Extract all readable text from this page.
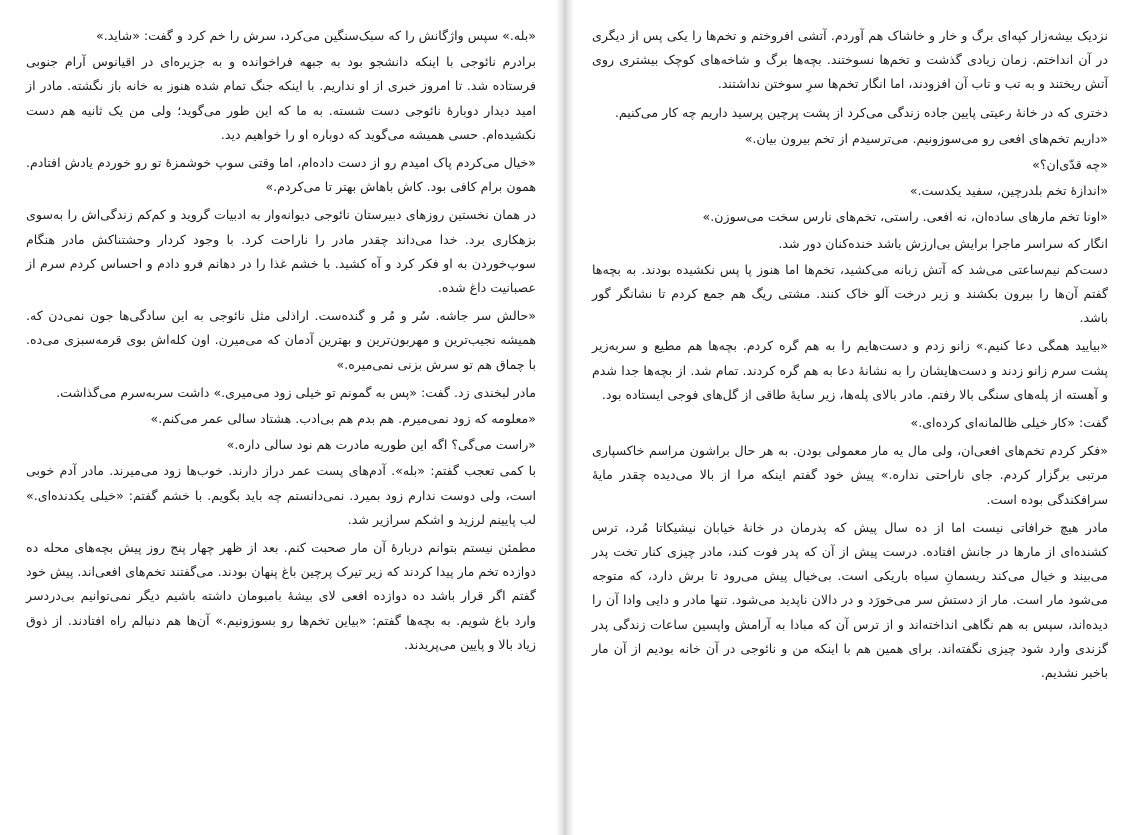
«بله.» سپس واژگانش را که سبک‌سنگین می‌کرد، سرش را خم کرد و گفت: «شاید.»

برادرم نائوجی با اینکه دانشجو بود به جبهه فراخوانده و به جزیره‌ای در اقیانوس آرام جنوبی فرستاده شد. تا امروز خبری از او نداریم. با اینکه جنگ تمام شده هنوز به خانه باز نگشته. مادر از امید دیدار دوبارهٔ نائوجی دست شسته. به ما که این طور می‌گوید؛ ولی من یک ثانیه هم دست نکشیده‌ام. حسی همیشه می‌گوید که دوباره او را خواهیم دید.

«خیال می‌کردم پاک امیدم رو از دست داده‌ام، اما وقتی سوپ خوشمزهٔ تو رو خوردم یادش افتادم. همون برام کافی بود. کاش باهاش بهتر تا می‌کردم.»

در همان نخستین روزهای دبیرستان نائوجی دیوانه‌وار به ادبیات گروید و کم‌کم زندگی‌اش را به‌سوی بزهکاری برد. خدا می‌داند چقدر مادر را ناراحت کرد. با وجود کردار وحشتناکش مادر هنگام سوپ‌خوردن به او فکر کرد و آه کشید. با خشم غذا را در دهانم فرو دادم و احساس کردم سرم از عصبانیت داغ شده.

«حالش سر جاشه. سُر و مُر و گنده‌ست. اراذلی مثل نائوجی به این سادگی‌ها جون نمی‌دن که. همیشه نجیب‌ترین و مهربون‌ترین و بهترین آدمان که می‌میرن. اون کله‌اش بوی قرمه‌سبزی می‌ده. با چماق هم تو سرش بزنی نمی‌میره.»

مادر لبخندی زد. گفت: «پس به گمونم تو خیلی زود می‌میری.» داشت سربه‌سرم می‌گذاشت.

«معلومه که زود نمی‌میرم. هم بدم هم بی‌ادب. هشتاد سالی عمر می‌کنم.»

«راست می‌گی؟ اگه این طوریه مادرت هم نود سالی داره.»

با کمی تعجب گفتم: «بله». آدم‌های پست عمر دراز دارند. خوب‌ها زود می‌میرند. مادر آدم خوبی است، ولی دوست ندارم زود بمیرد. نمی‌دانستم چه باید بگویم. با خشم گفتم: «خیلی یکدنده‌ای.» لب پایینم لرزید و اشکم سرازیر شد.

مطمئن نیستم بتوانم دربارهٔ آن مار صحبت کنم. بعد از ظهر چهار پنج روز پیش بچه‌های محله ده دوازده تخم مار پیدا کردند که زیر تیرک پرچین باغ پنهان بودند. می‌گفتند تخم‌های افعی‌اند. پیش خود گفتم اگر قرار باشد ده دوازده افعی لای بیشهٔ بامبومان داشته باشیم دیگر نمی‌توانیم بی‌دردسر وارد باغ شویم. به بچه‌ها گفتم: «بیاین تخم‌ها رو بسوزونیم.» آن‌ها هم دنبالم راه افتادند. از ذوق زیاد بالا و پایین می‌پریدند.

نزدیک بیشه‌زار کپه‌ای برگ و خار و خاشاک هم آوردم. آتشی افروختم و تخم‌ها را یکی پس از دیگری در آن انداختم. زمان زیادی گذشت و تخم‌ها نسوختند. بچه‌ها برگ و شاخه‌های کوچک بیشتری روی آتش ریختند و به تب و تاب آن افزودند، اما انگار تخم‌ها سرِ سوختن نداشتند.

دختری که در خانهٔ رعیتی پایین جاده زندگی می‌کرد از پشت پرچین پرسید داریم چه کار می‌کنیم.

«داریم تخم‌های افعی رو می‌سوزونیم. می‌ترسیدم از تخم بیرون بیان.»

«چه قدّی‌ان؟»

«اندازهٔ تخم بلدرچین، سفید یکدست.»

«اونا تخم مارهای ساده‌ان، نه افعی. راستی، تخم‌های نارس سخت می‌سوزن.»

انگار که سراسر ماجرا برایش بی‌ارزش باشد خنده‌کنان دور شد.

دست‌کم نیم‌ساعتی می‌شد که آتش زبانه می‌کشید، تخم‌ها اما هنوز پا پس نکشیده بودند. به بچه‌ها گفتم آن‌ها را بیرون بکشند و زیر درخت آلو خاک کنند. مشتی ریگ هم جمع کردم تا نشانگر گور باشد.

«بیایید همگی دعا کنیم.» زانو زدم و دست‌هایم را به هم گره کردم. بچه‌ها هم مطیع و سربه‌زیر پشت سرم زانو زدند و دست‌هایشان را به نشانهٔ دعا به هم گره کردند. تمام شد. از بچه‌ها جدا شدم و آهسته از پله‌های سنگی بالا رفتم. مادر بالای پله‌ها، زیر سایهٔ طاقی از گل‌های فوجی ایستاده بود.

گفت: «کار خیلی ظالمانه‌ای کرده‌ای.»

«فکر کردم تخم‌های افعی‌ان، ولی مال یه مار معمولی بودن. به هر حال براشون مراسم خاکسپاری مرتبی برگزار کردم. جای ناراحتی نداره.» پیش خود گفتم اینکه مرا از بالا می‌دیده چقدر مایهٔ سرافکندگی بوده است.

مادر هیچ خرافاتی نیست اما از ده سال پیش که پدرمان در خانهٔ خیابان نیشیکاتا مُرد، ترس کشنده‌ای از مارها در جانش افتاده. درست پیش از آن که پدر فوت کند، مادر چیزی کنار تخت پدر می‌بیند و خیال می‌کند ریسمانِ سیاه باریکی است. بی‌خیال پیش می‌رود تا برش دارد، که متوجه می‌شود مار است. مار از دستش سر می‌خورَد و در دالان ناپدید می‌شود. تنها مادر و دایی وادا آن را دیده‌اند، سپس به هم نگاهی انداخته‌اند و از ترس آن که مبادا به آرامش واپسین ساعات زندگی پدر گزندی وارد شود چیزی نگفته‌اند. برای همین هم با اینکه من و نائوجی در آن خانه بودیم از آن مار باخبر نشدیم.
